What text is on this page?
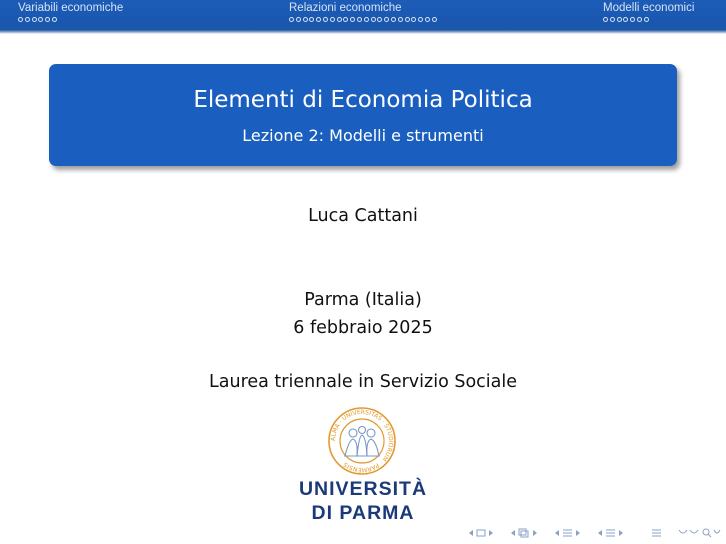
Variabili economiche	Relazioni economiche	Modelli economici
Elementi di Economia Politica
Lezione 2: Modelli e strumenti
Luca Cattani
Parma (Italia)
6 febbraio 2025
Laurea triennale in Servizio Sociale
ALMA · UNIVERSITAS · STUDIORUM · PARMENSIS
UNIVERSITÀ
DI PARMA
